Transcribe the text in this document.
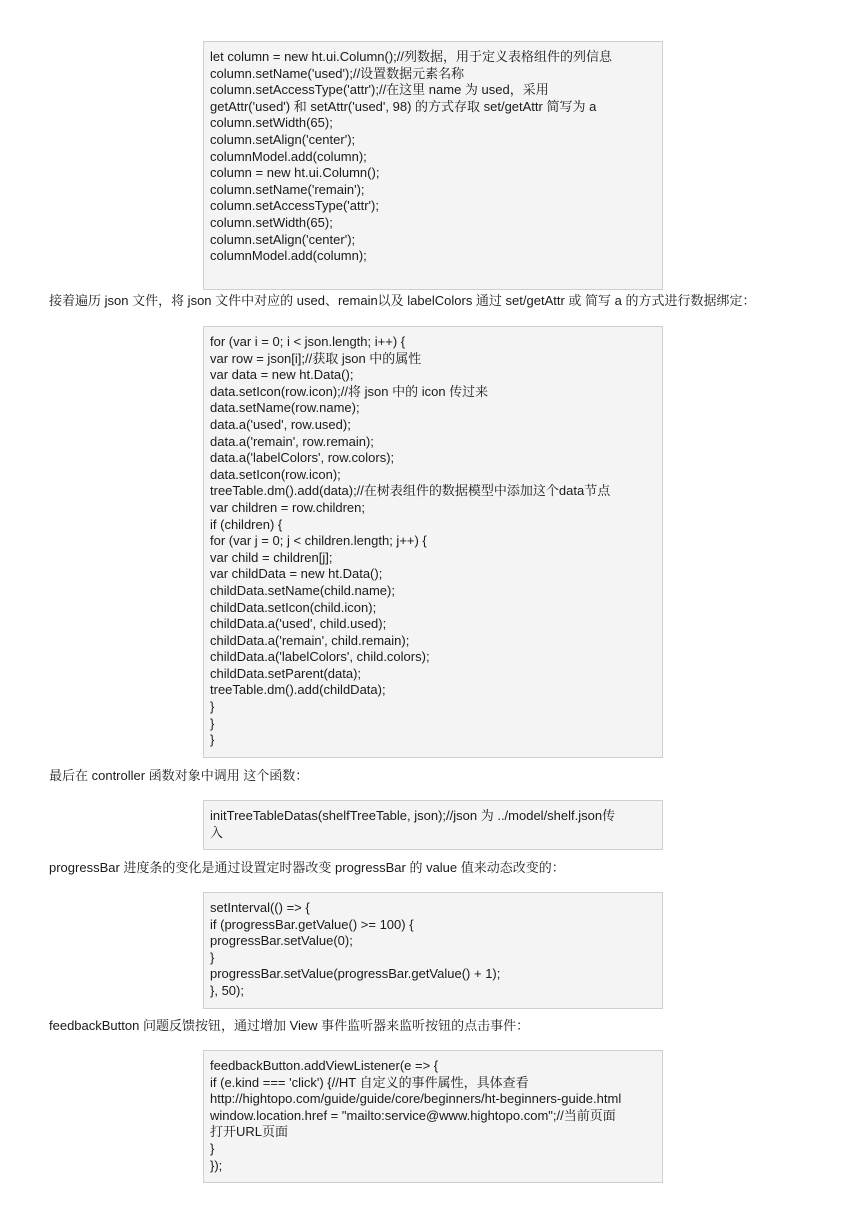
let column = new ht.ui.Column();//列数据，用于定义表格组件的列信息
column.setName('used');//设置数据元素名称
column.setAccessType('attr');//在这里 name 为 used，采用
getAttr('used') 和 setAttr('used', 98) 的方式存取 set/getAttr 简写为 a
column.setWidth(65);
column.setAlign('center');
columnModel.add(column);
column = new ht.ui.Column();
column.setName('remain');
column.setAccessType('attr');
column.setWidth(65);
column.setAlign('center');
columnModel.add(column);
接着遍历 json 文件，将 json 文件中对应的 used、remain以及 labelColors 通过 set/getAttr 或 简写 a 的方式进行数据绑定：
for (var i = 0; i < json.length; i++) {
var row = json[i];//获取 json 中的属性
var data = new ht.Data();
data.setIcon(row.icon);//将 json 中的 icon 传过来
data.setName(row.name);
data.a('used', row.used);
data.a('remain', row.remain);
data.a('labelColors', row.colors);
data.setIcon(row.icon);
treeTable.dm().add(data);//在树表组件的数据模型中添加这个data节点
var children = row.children;
if (children) {
for (var j = 0; j < children.length; j++) {
var child = children[j];
var childData = new ht.Data();
childData.setName(child.name);
childData.setIcon(child.icon);
childData.a('used', child.used);
childData.a('remain', child.remain);
childData.a('labelColors', child.colors);
childData.setParent(data);
treeTable.dm().add(childData);
}
}
}
最后在 controller 函数对象中调用 这个函数：
initTreeTableDatas(shelfTreeTable, json);//json 为 ../model/shelf.json传
入
progressBar 进度条的变化是通过设置定时器改变 progressBar 的 value 值来动态改变的：
setInterval(() => {
if (progressBar.getValue() >= 100) {
progressBar.setValue(0);
}
progressBar.setValue(progressBar.getValue() + 1);
}, 50);
feedbackButton 问题反馈按钮，通过增加 View 事件监听器来监听按钮的点击事件：
feedbackButton.addViewListener(e => {
if (e.kind === 'click') {//HT 自定义的事件属性，具体查看
http://hightopo.com/guide/guide/core/beginners/ht-beginners-guide.html
window.location.href = "mailto:service@www.hightopo.com";//当前页面
打开URL页面
}
});
